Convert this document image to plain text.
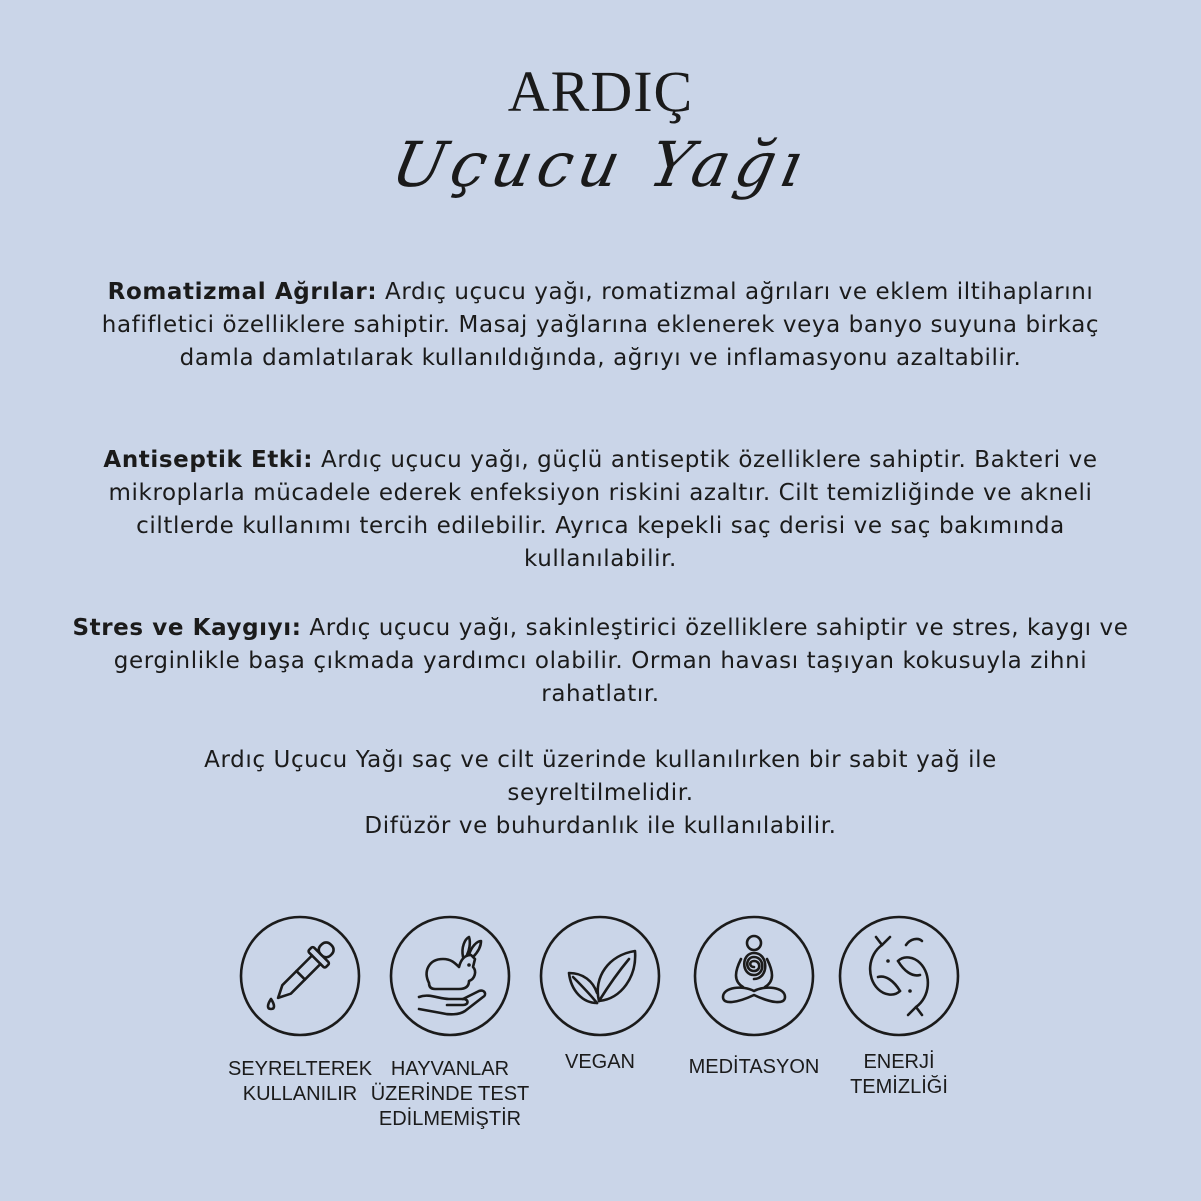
ARDIÇ
Uçucu Yağı
Romatizmal Ağrılar: Ardıç uçucu yağı, romatizmal ağrıları ve eklem iltihaplarını hafifletici özelliklere sahiptir. Masaj yağlarına eklenerek veya banyo suyuna birkaç damla damlatılarak kullanıldığında, ağrıyı ve inflamasyonu azaltabilir.
Antiseptik Etki: Ardıç uçucu yağı, güçlü antiseptik özelliklere sahiptir. Bakteri ve mikroplarla mücadele ederek enfeksiyon riskini azaltır. Cilt temizliğinde ve akneli ciltlerde kullanımı tercih edilebilir. Ayrıca kepekli saç derisi ve saç bakımında kullanılabilir.
Stres ve Kaygıyı: Ardıç uçucu yağı, sakinleştirici özelliklere sahiptir ve stres, kaygı ve gerginlikle başa çıkmada yardımcı olabilir. Orman havası taşıyan kokusuyla zihni rahatlatır.
Ardıç Uçucu Yağı saç ve cilt üzerinde kullanılırken bir sabit yağ ile seyreltilmelidir.
Difüzör ve buhurdanlık ile kullanılabilir.
SEYRELTEREK
KULLANILIR
HAYVANLAR
ÜZERİNDE TEST
EDİLMEMİŞTİR
VEGAN	MEDİTASYON	ENERJİ
TEMİZLİĞİ
